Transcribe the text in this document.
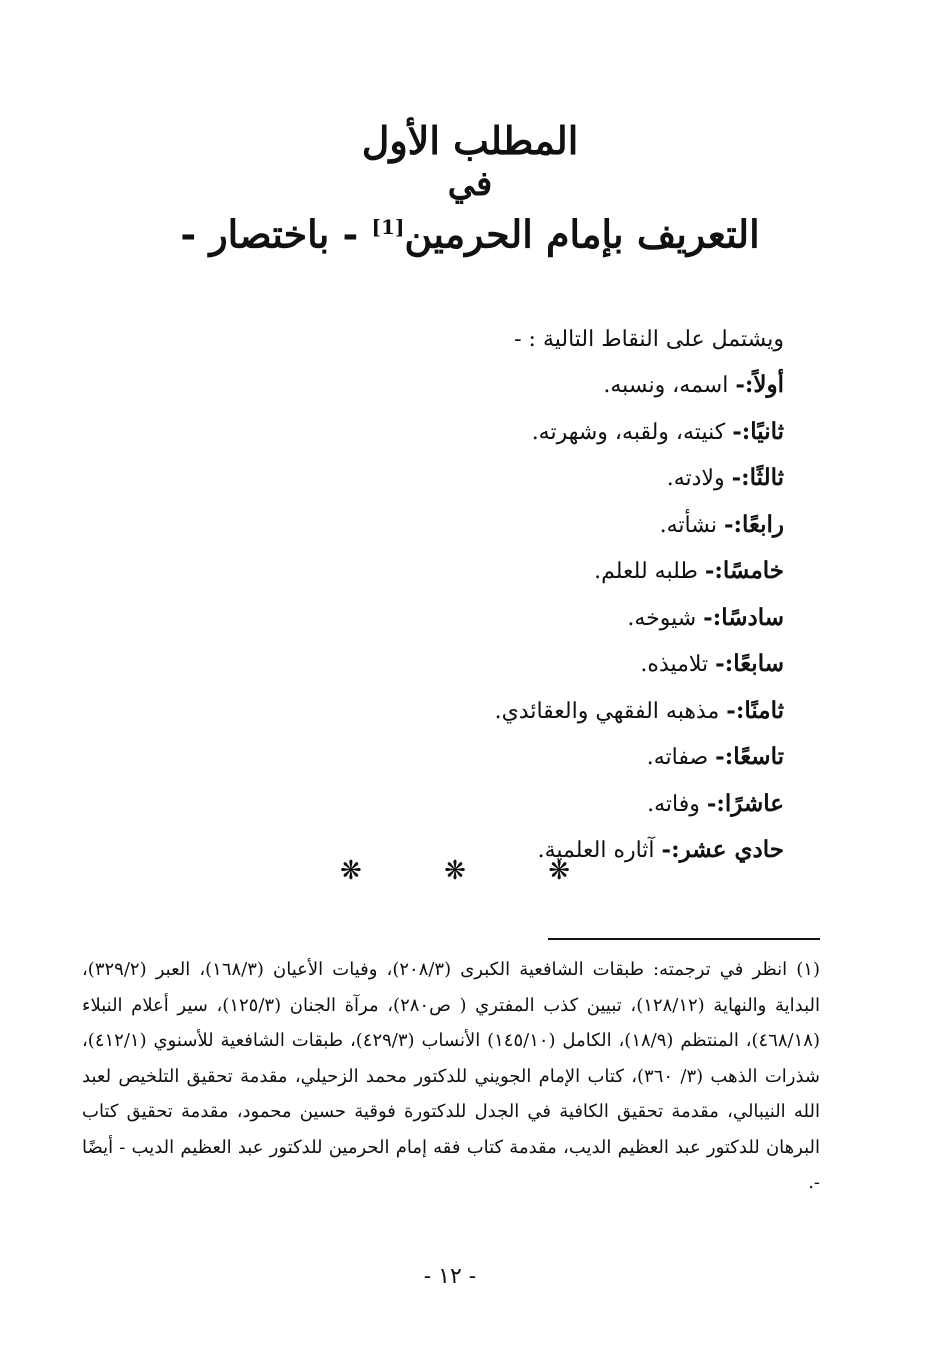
المطلب الأول
في
التعريف بإمام الحرمين[1] - باختصار -
ويشتمل على النقاط التالية : -
أولاً:- اسمه، ونسبه.
ثانيًا:- كنيته، ولقبه، وشهرته.
ثالثًا:- ولادته.
رابعًا:- نشأته.
خامسًا:- طلبه للعلم.
سادسًا:- شيوخه.
سابعًا:- تلاميذه.
ثامنًا:- مذهبه الفقهي والعقائدي.
تاسعًا:- صفاته.
عاشرًا:- وفاته.
حادي عشر:- آثاره العلمية.
❋	❋	❋
(١) انظر في ترجمته: طبقات الشافعية الكبرى (٢٠٨/٣)، وفيات الأعيان (١٦٨/٣)، العبر (٣٢٩/٢)، البداية والنهاية (١٢٨/١٢)، تبيين كذب المفتري ( ص٢٨٠)، مرآة الجنان (١٢٥/٣)، سير أعلام النبلاء (٤٦٨/١٨)، المنتظم (١٨/٩)، الكامل (١٤٥/١٠) الأنساب (٤٢٩/٣)، طبقات الشافعية للأسنوي (٤١٢/١)، شذرات الذهب (٣/ ٣٦٠)، كتاب الإمام الجويني للدكتور محمد الزحيلي، مقدمة تحقيق التلخيص لعبد الله النيبالي، مقدمة تحقيق الكافية في الجدل للدكتورة فوقية حسين محمود، مقدمة تحقيق كتاب البرهان للدكتور عبد العظيم الديب، مقدمة كتاب فقه إمام الحرمين للدكتور عبد العظيم الديب - أيضًا -.
- ١٢ -
